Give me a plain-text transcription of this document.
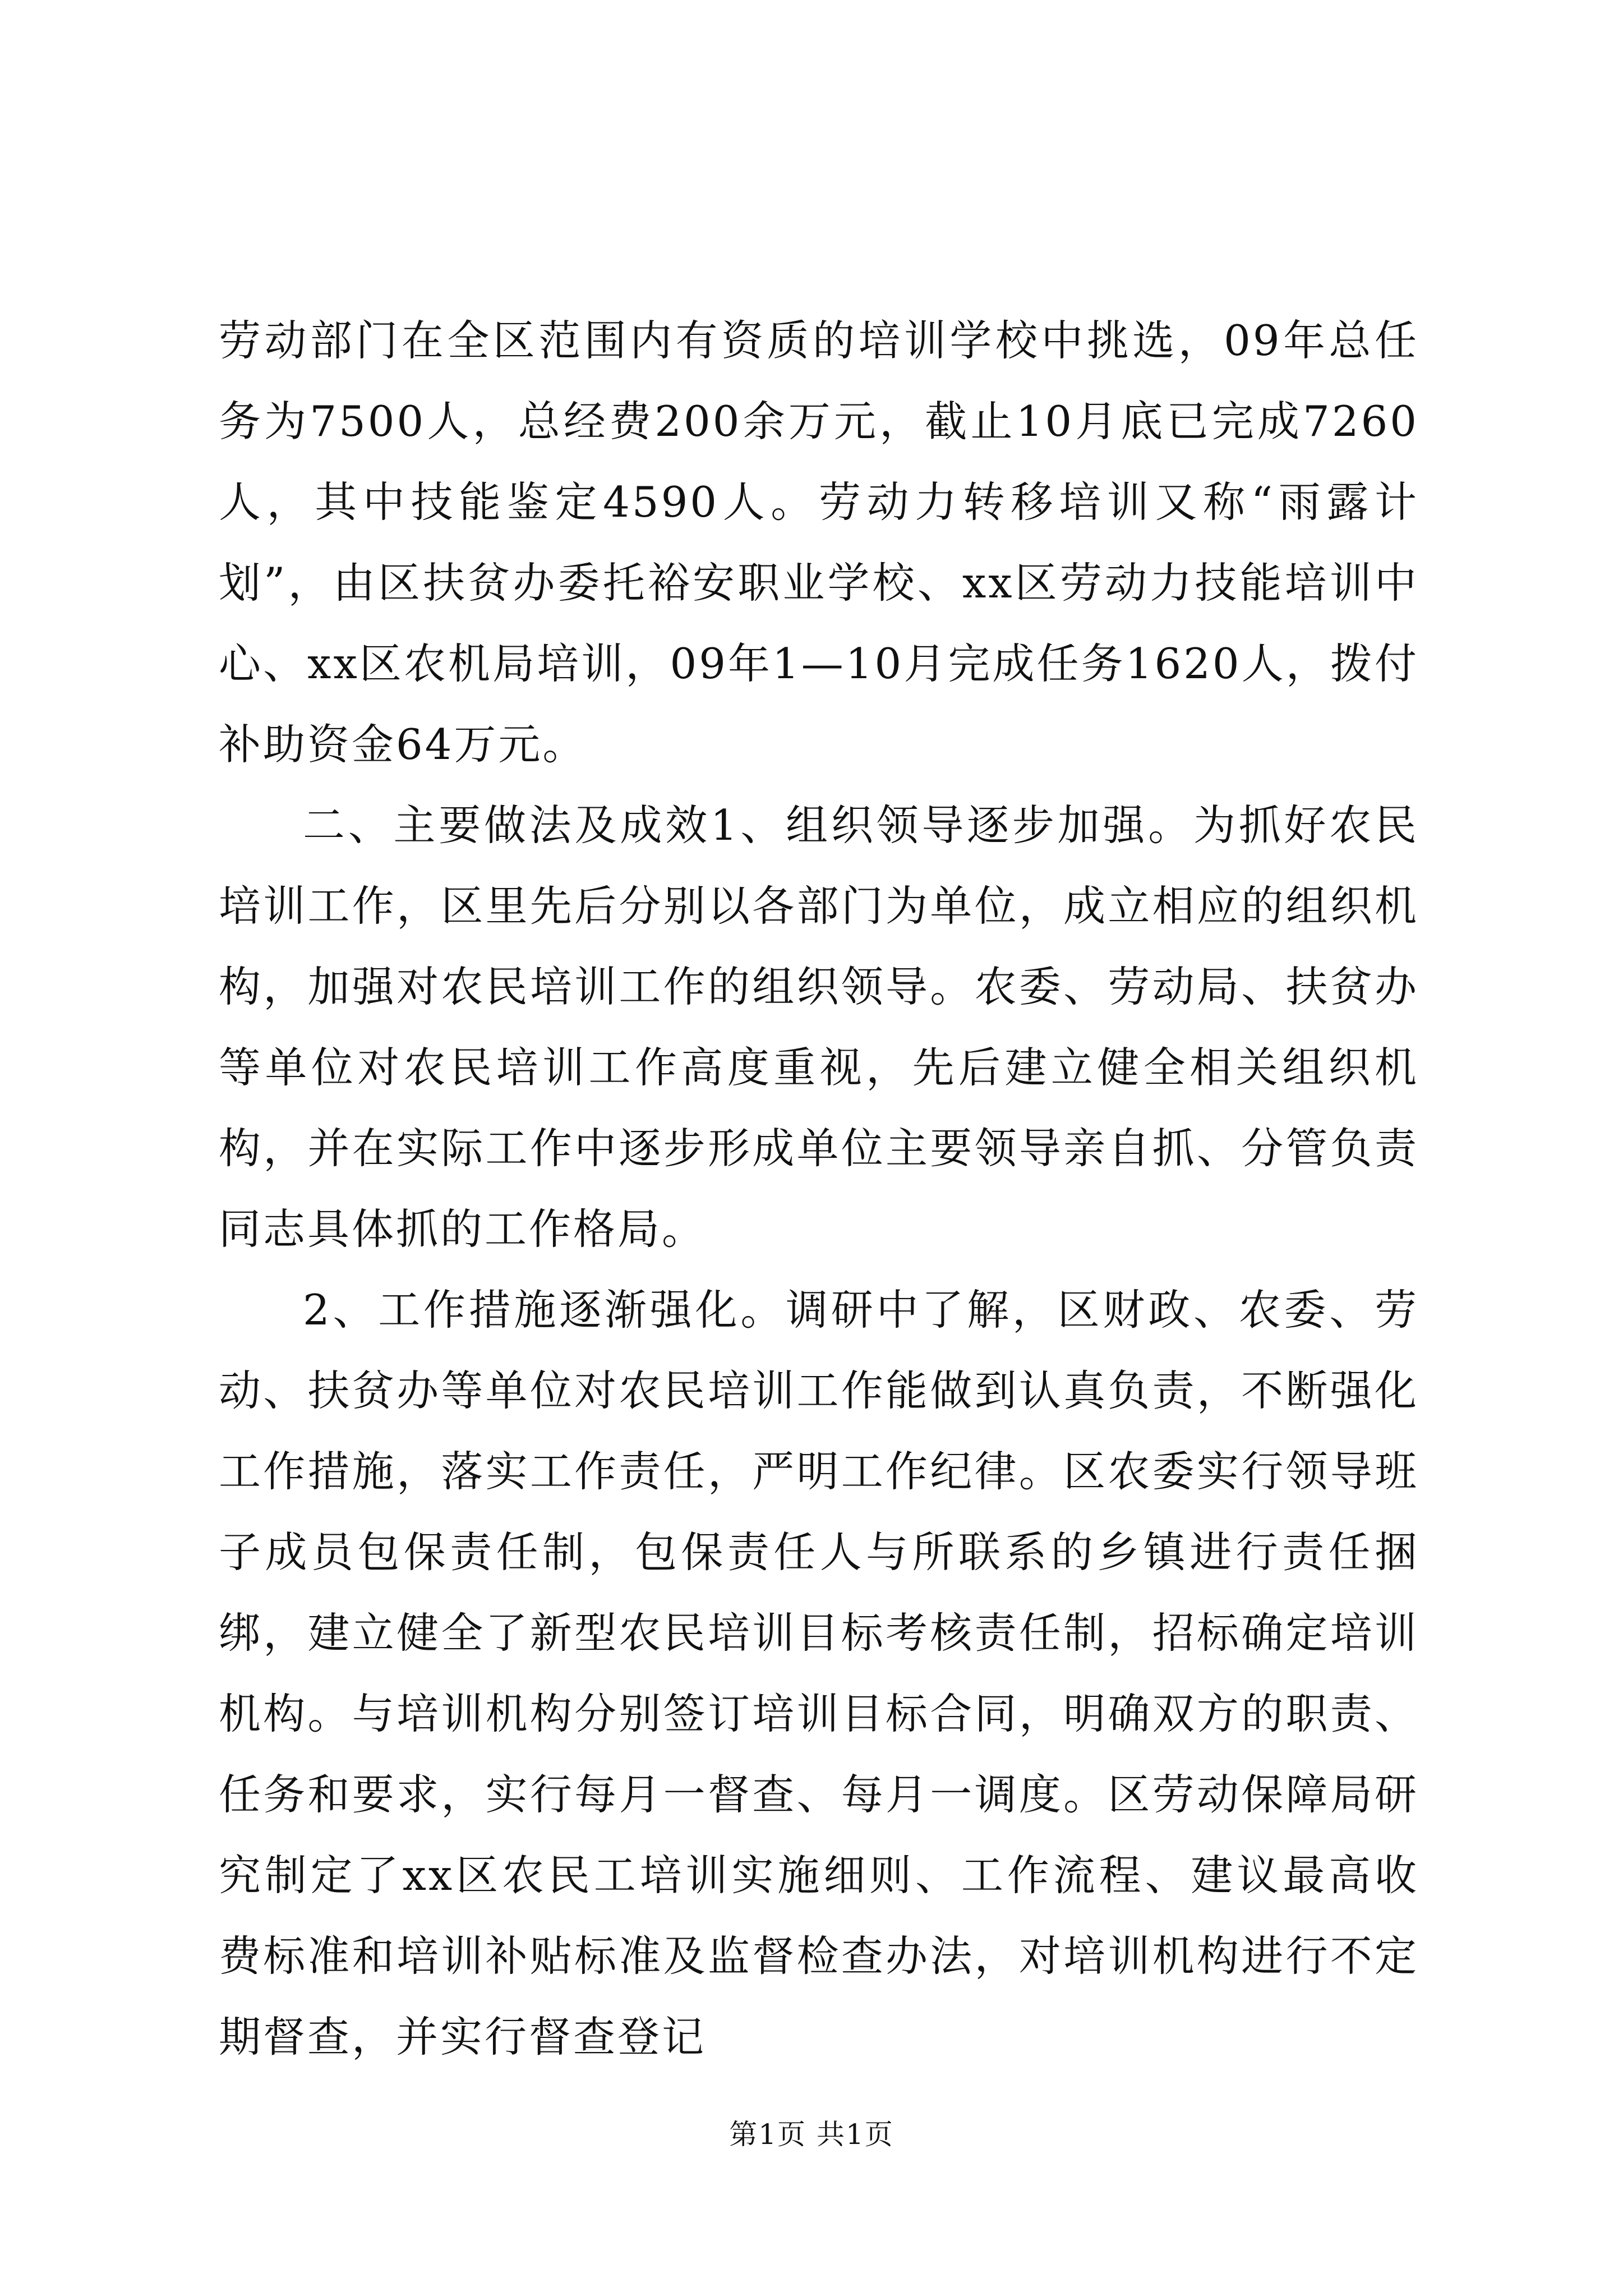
劳动部门在全区范围内有资质的培训学校中挑选，09年总任务为7500人，总经费200余万元，截止10月底已完成7260人，其中技能鉴定4590人。劳动力转移培训又称“雨露计划”，由区扶贫办委托裕安职业学校、xx区劳动力技能培训中心、xx区农机局培训，09年1—10月完成任务1620人，拨付补助资金64万元。

二、主要做法及成效1、组织领导逐步加强。为抓好农民培训工作，区里先后分别以各部门为单位，成立相应的组织机构，加强对农民培训工作的组织领导。农委、劳动局、扶贫办等单位对农民培训工作高度重视，先后建立健全相关组织机构，并在实际工作中逐步形成单位主要领导亲自抓、分管负责同志具体抓的工作格局。

2、工作措施逐渐强化。调研中了解，区财政、农委、劳动、扶贫办等单位对农民培训工作能做到认真负责，不断强化工作措施，落实工作责任，严明工作纪律。区农委实行领导班子成员包保责任制，包保责任人与所联系的乡镇进行责任捆绑，建立健全了新型农民培训目标考核责任制，招标确定培训机构。与培训机构分别签订培训目标合同，明确双方的职责、任务和要求，实行每月一督查、每月一调度。区劳动保障局研究制定了xx区农民工培训实施细则、工作流程、建议最高收费标准和培训补贴标准及监督检查办法，对培训机构进行不定期督查，并实行督查登记

第1页 共1页
